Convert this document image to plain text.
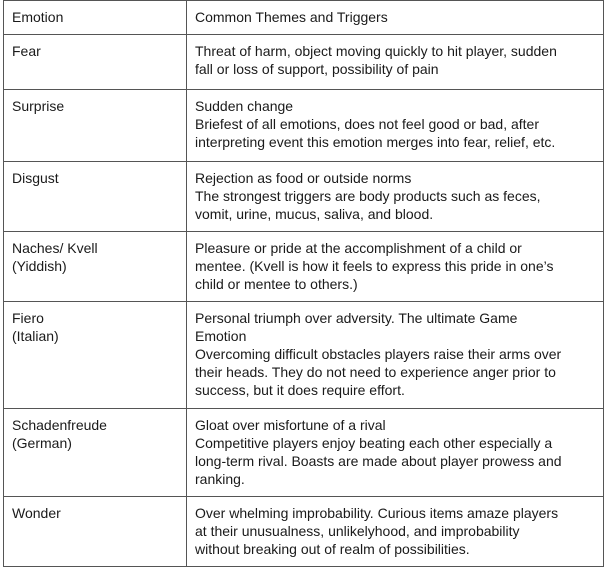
Emotion	Common Themes and Triggers

Fear	Threat of harm, object moving quickly to hit player, sudden
fall or loss of support, possibility of pain

Surprise	Sudden change
Briefest of all emotions, does not feel good or bad, after
interpreting event this emotion merges into fear, relief, etc.

Disgust	Rejection as food or outside norms
The strongest triggers are body products such as feces,
vomit, urine, mucus, saliva, and blood.

Naches/ Kvell
(Yiddish)	Pleasure or pride at the accomplishment of a child or
mentee. (Kvell is how it feels to express this pride in one’s
child or mentee to others.)

Fiero
(Italian)	Personal triumph over adversity. The ultimate Game
Emotion
Overcoming difficult obstacles players raise their arms over
their heads. They do not need to experience anger prior to
success, but it does require effort.

Schadenfreude
(German)	Gloat over misfortune of a rival
Competitive players enjoy beating each other especially a
long-term rival. Boasts are made about player prowess and
ranking.

Wonder	Over whelming improbability. Curious items amaze players
at their unusualness, unlikelyhood, and improbability
without breaking out of realm of possibilities.
